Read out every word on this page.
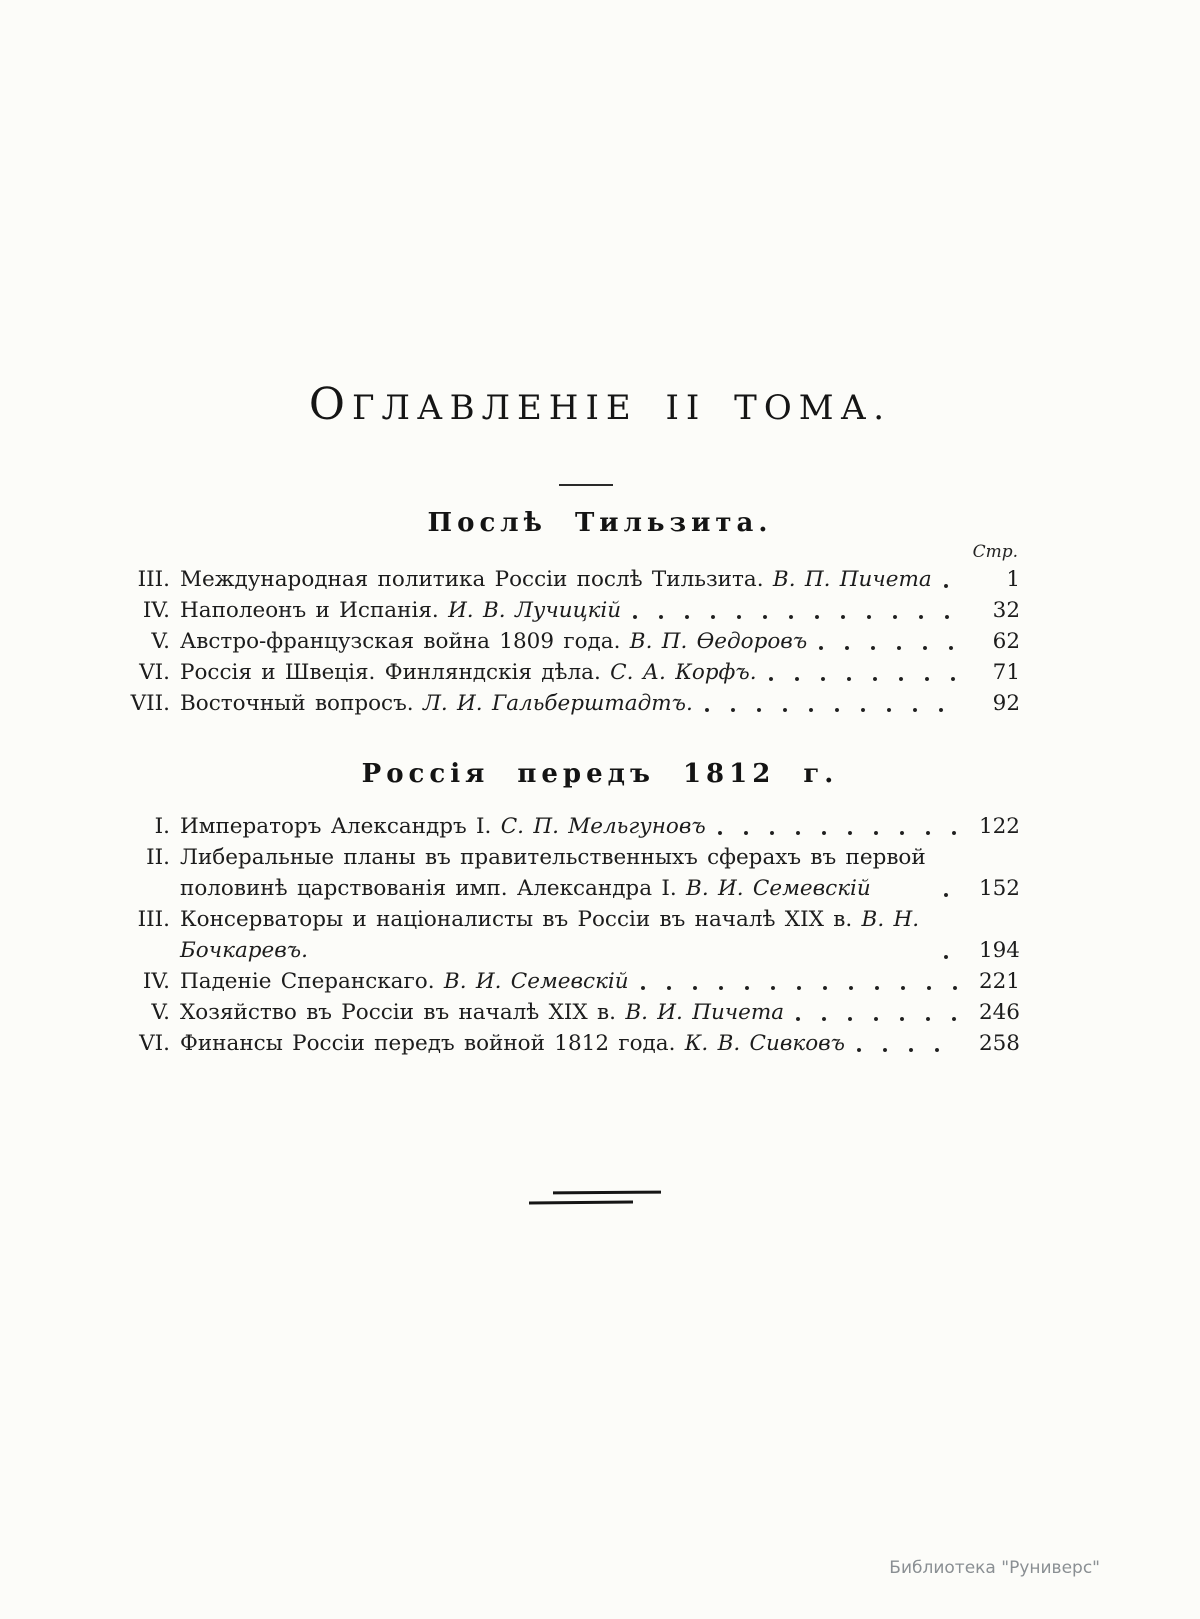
ОГЛАВЛЕНІЕ II ТОМА.
Послѣ Тильзита.
Стр.
III. Международная политика Россіи послѣ Тильзита. В. П. Пичета	1
IV. Наполеонъ и Испанія. И. В. Лучицкій	32
V. Австро-французская война 1809 года. В. П. Ѳедоровъ	62
VI. Россія и Швеція. Финляндскія дѣла. С. А. Корфъ.	71
VII. Восточный вопросъ. Л. И. Гальберштадтъ.	92
Россія передъ 1812 г.
I. Императоръ Александръ I. С. П. Мельгуновъ	122
II. Либеральные планы въ правительственныхъ сферахъ въ первой половинѣ царствованія имп. Александра I. В. И. Семевскій	152
III. Консерваторы и націоналисты въ Россіи въ началѣ XIX в. В. Н. Бочкаревъ.	194
IV. Паденіе Сперанскаго. В. И. Семевскій	221
V. Хозяйство въ Россіи въ началѣ XIX в. В. И. Пичета	246
VI. Финансы Россіи передъ войной 1812 года. К. В. Сивковъ	258
Библиотека "Руниверс"
